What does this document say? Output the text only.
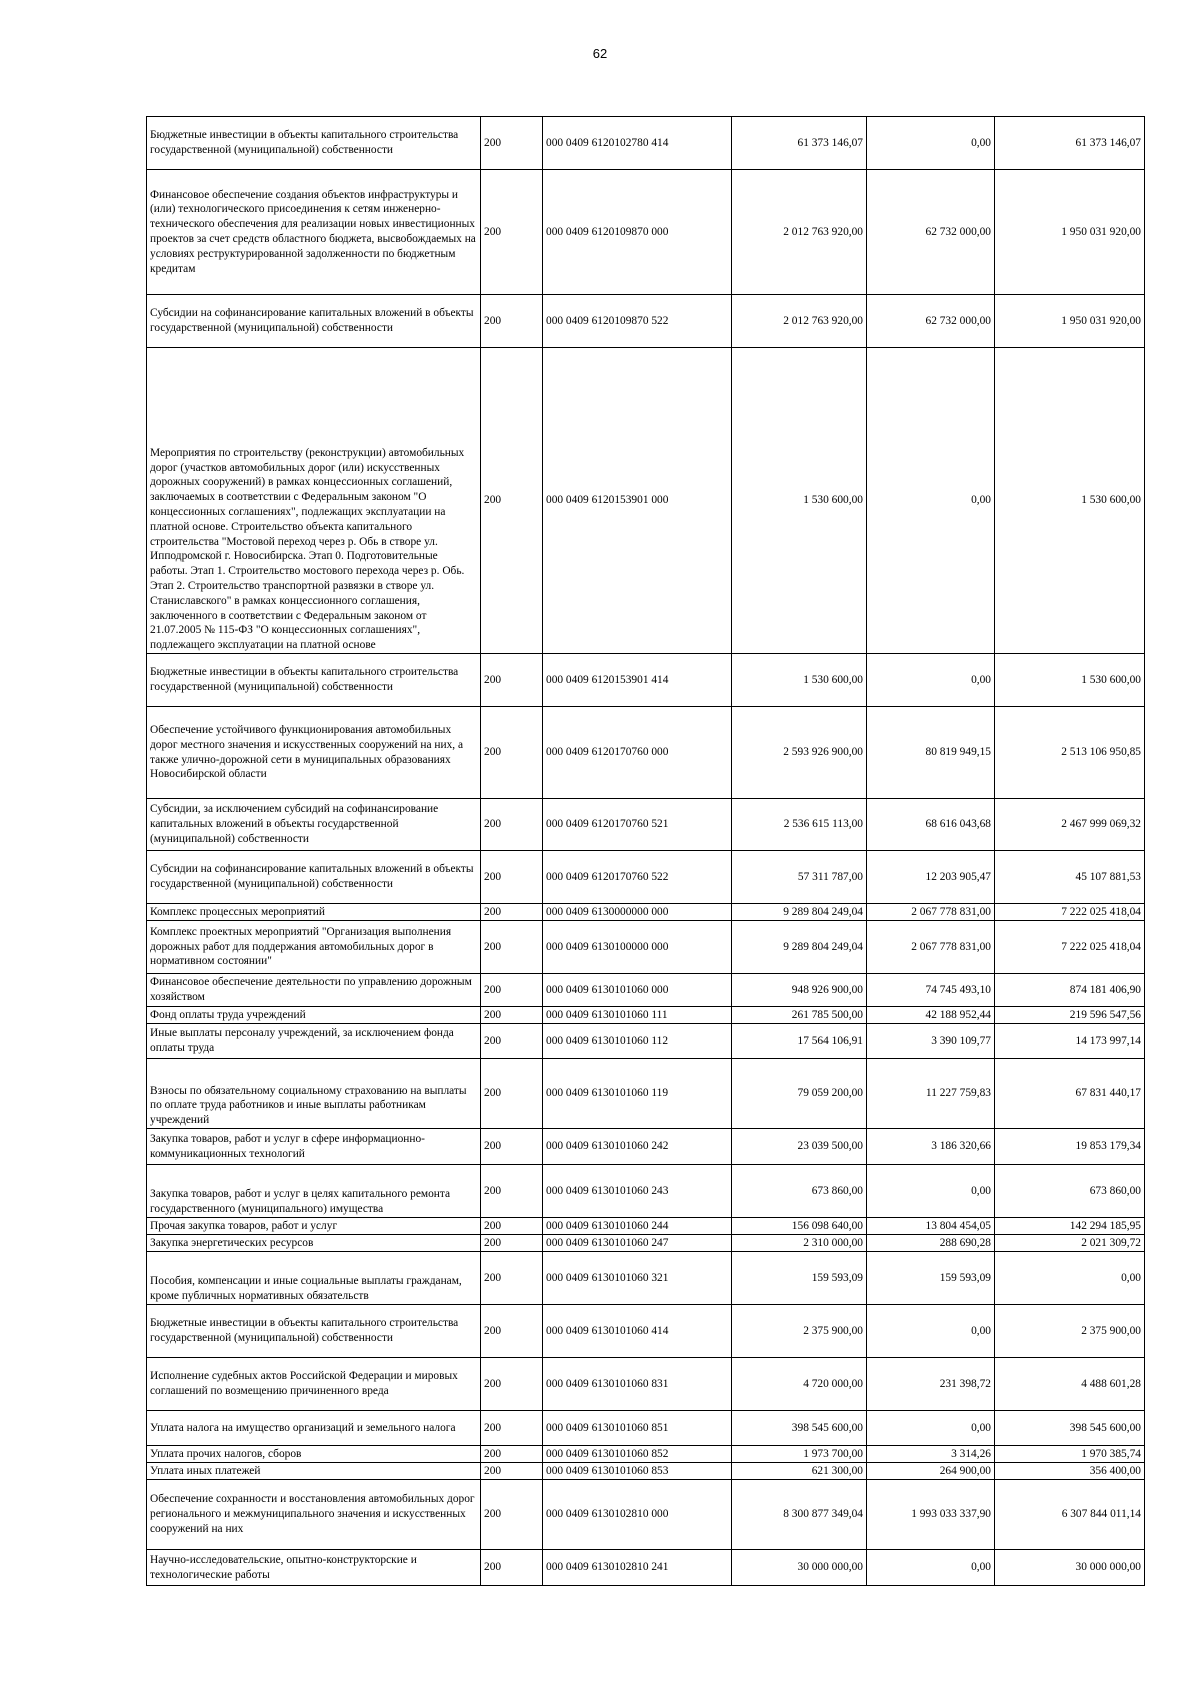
62
Бюджетные инвестиции в объекты капитального строительства государственной (муниципальной) собственности	200	000 0409 6120102780 414	61 373 146,07	0,00	61 373 146,07
Финансовое обеспечение создания объектов инфраструктуры и (или) технологического присоединения к сетям инженерно-технического обеспечения для реализации новых инвестиционных проектов за счет средств областного бюджета, высвобождаемых на условиях реструктурированной задолженности по бюджетным кредитам	200	000 0409 6120109870 000	2 012 763 920,00	62 732 000,00	1 950 031 920,00
Субсидии на софинансирование капитальных вложений в объекты государственной (муниципальной) собственности	200	000 0409 6120109870 522	2 012 763 920,00	62 732 000,00	1 950 031 920,00
Мероприятия по строительству (реконструкции) автомобильных дорог (участков автомобильных дорог (или) искусственных дорожных сооружений) в рамках концессионных соглашений, заключаемых в соответствии с Федеральным законом "О концессионных соглашениях", подлежащих эксплуатации на платной основе. Строительство объекта капитального строительства "Мостовой переход через р. Обь в створе ул. Ипподромской г. Новосибирска. Этап 0. Подготовительные работы. Этап 1. Строительство мостового перехода через р. Обь. Этап 2. Строительство транспортной развязки в створе ул. Станиславского" в рамках концессионного соглашения, заключенного в соответствии с Федеральным законом от 21.07.2005 № 115-ФЗ "О концессионных соглашениях", подлежащего эксплуатации на платной основе	200	000 0409 6120153901 000	1 530 600,00	0,00	1 530 600,00
Бюджетные инвестиции в объекты капитального строительства государственной (муниципальной) собственности	200	000 0409 6120153901 414	1 530 600,00	0,00	1 530 600,00
Обеспечение устойчивого функционирования автомобильных дорог местного значения и искусственных сооружений на них, а также улично-дорожной сети в муниципальных образованиях Новосибирской области	200	000 0409 6120170760 000	2 593 926 900,00	80 819 949,15	2 513 106 950,85
Субсидии, за исключением субсидий на софинансирование капитальных вложений в объекты государственной (муниципальной) собственности	200	000 0409 6120170760 521	2 536 615 113,00	68 616 043,68	2 467 999 069,32
Субсидии на софинансирование капитальных вложений в объекты государственной (муниципальной) собственности	200	000 0409 6120170760 522	57 311 787,00	12 203 905,47	45 107 881,53
Комплекс процессных мероприятий	200	000 0409 6130000000 000	9 289 804 249,04	2 067 778 831,00	7 222 025 418,04
Комплекс проектных мероприятий "Организация выполнения дорожных работ для поддержания автомобильных дорог в нормативном состоянии"	200	000 0409 6130100000 000	9 289 804 249,04	2 067 778 831,00	7 222 025 418,04
Финансовое обеспечение деятельности по управлению дорожным хозяйством	200	000 0409 6130101060 000	948 926 900,00	74 745 493,10	874 181 406,90
Фонд оплаты труда учреждений	200	000 0409 6130101060 111	261 785 500,00	42 188 952,44	219 596 547,56
Иные выплаты персоналу учреждений, за исключением фонда оплаты труда	200	000 0409 6130101060 112	17 564 106,91	3 390 109,77	14 173 997,14
Взносы по обязательному социальному страхованию на выплаты по оплате труда работников и иные выплаты работникам учреждений	200	000 0409 6130101060 119	79 059 200,00	11 227 759,83	67 831 440,17
Закупка товаров, работ и услуг в сфере информационно-коммуникационных технологий	200	000 0409 6130101060 242	23 039 500,00	3 186 320,66	19 853 179,34
Закупка товаров, работ и услуг в целях капитального ремонта государственного (муниципального) имущества	200	000 0409 6130101060 243	673 860,00	0,00	673 860,00
Прочая закупка товаров, работ и услуг	200	000 0409 6130101060 244	156 098 640,00	13 804 454,05	142 294 185,95
Закупка энергетических ресурсов	200	000 0409 6130101060 247	2 310 000,00	288 690,28	2 021 309,72
Пособия, компенсации и иные социальные выплаты гражданам, кроме публичных нормативных обязательств	200	000 0409 6130101060 321	159 593,09	159 593,09	0,00
Бюджетные инвестиции в объекты капитального строительства государственной (муниципальной) собственности	200	000 0409 6130101060 414	2 375 900,00	0,00	2 375 900,00
Исполнение судебных актов Российской Федерации и мировых соглашений по возмещению причиненного вреда	200	000 0409 6130101060 831	4 720 000,00	231 398,72	4 488 601,28
Уплата налога на имущество организаций и земельного налога	200	000 0409 6130101060 851	398 545 600,00	0,00	398 545 600,00
Уплата прочих налогов, сборов	200	000 0409 6130101060 852	1 973 700,00	3 314,26	1 970 385,74
Уплата иных платежей	200	000 0409 6130101060 853	621 300,00	264 900,00	356 400,00
Обеспечение сохранности и восстановления автомобильных дорог регионального и межмуниципального значения и искусственных сооружений на них	200	000 0409 6130102810 000	8 300 877 349,04	1 993 033 337,90	6 307 844 011,14
Научно-исследовательские, опытно-конструкторские и технологические работы	200	000 0409 6130102810 241	30 000 000,00	0,00	30 000 000,00
